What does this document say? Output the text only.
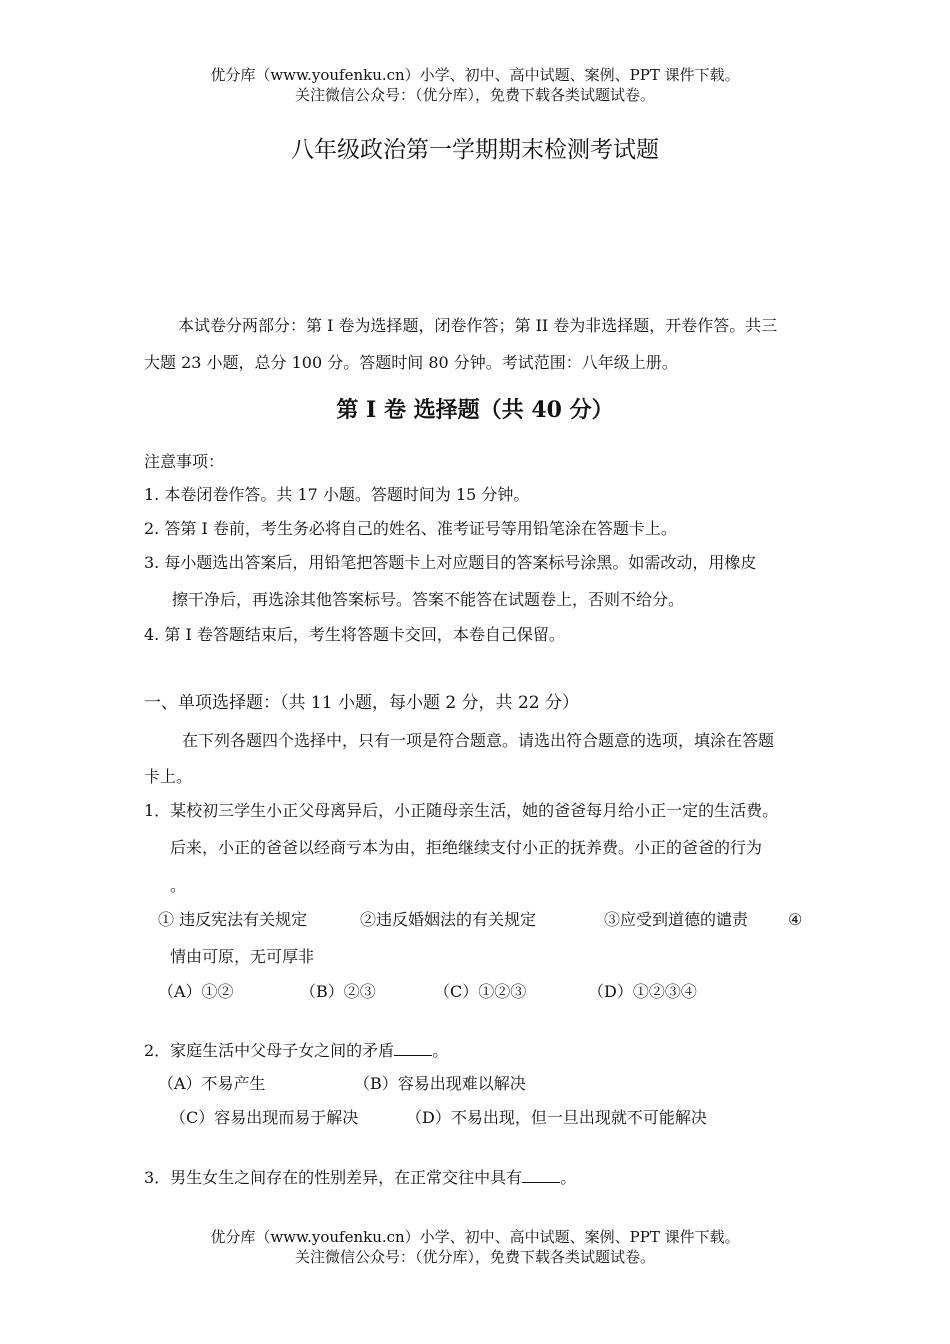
优分库（www.youfenku.cn）小学、初中、高中试题、案例、PPT 课件下载。
关注微信公众号：（优分库），免费下载各类试题试卷。
八年级政治第一学期期末检测考试题
本试卷分两部分：第 I 卷为选择题，闭卷作答；第 II 卷为非选择题，开卷作答。共三
大题 23 小题，总分 100 分。答题时间 80 分钟。考试范围：八年级上册。
第 I 卷 选择题（共 40 分）
注意事项：
1. 本卷闭卷作答。共 17 小题。答题时间为 15 分钟。
2. 答第 I 卷前，考生务必将自己的姓名、准考证号等用铅笔涂在答题卡上。
3. 每小题选出答案后，用铅笔把答题卡上对应题目的答案标号涂黑。如需改动，用橡皮
擦干净后，再选涂其他答案标号。答案不能答在试题卷上，否则不给分。
4. 第 I 卷答题结束后，考生将答题卡交回，本卷自己保留。
一、单项选择题：（共 11 小题，每小题 2 分，共 22 分）
在下列各题四个选择中，只有一项是符合题意。请选出符合题意的选项，填涂在答题
卡上。
1．某校初三学生小正父母离异后，小正随母亲生活，她的爸爸每月给小正一定的生活费。
后来，小正的爸爸以经商亏本为由，拒绝继续支付小正的抚养费。小正的爸爸的行为
。
① 违反宪法有关规定	②违反婚姻法的有关规定	③应受到道德的谴责 ④
情由可原，无可厚非
（A）①②	（B）②③	（C）①②③	（D）①②③④
2．家庭生活中父母子女之间的矛盾 。
（A）不易产生	（B）容易出现难以解决
（C）容易出现而易于解决	（D）不易出现，但一旦出现就不可能解决
3．男生女生之间存在的性别差异，在正常交往中具有 。
优分库（www.youfenku.cn）小学、初中、高中试题、案例、PPT 课件下载。
关注微信公众号：（优分库），免费下载各类试题试卷。
